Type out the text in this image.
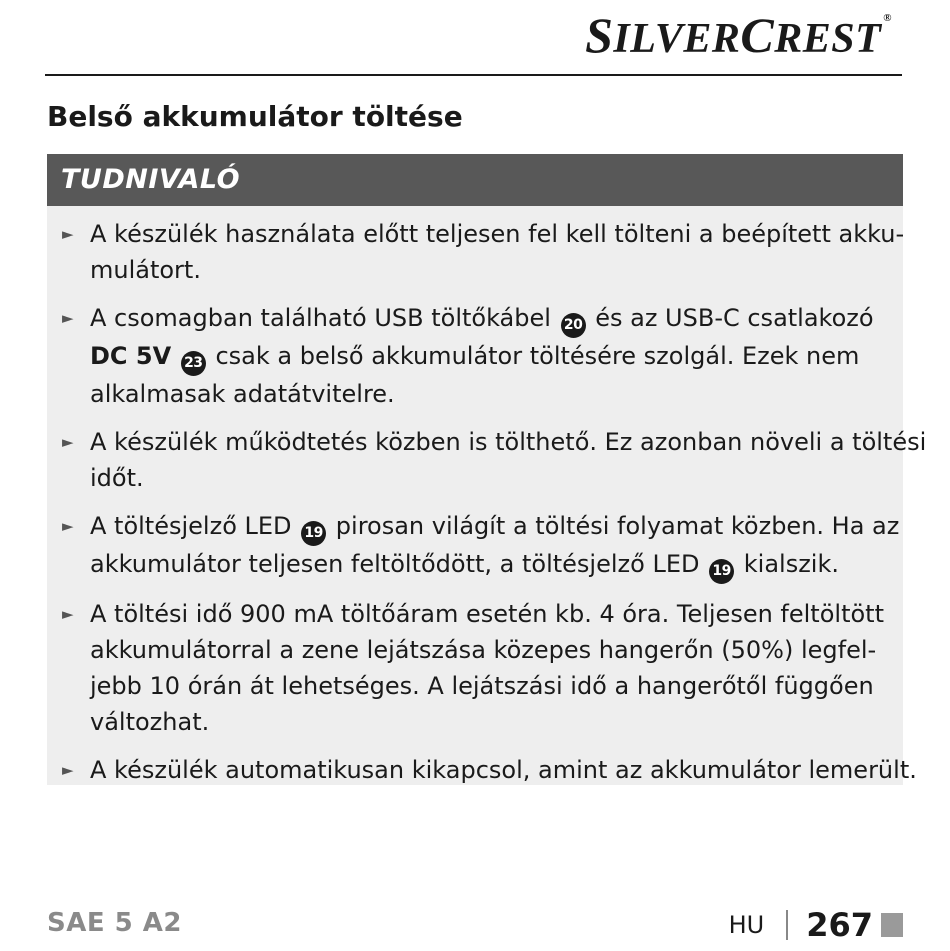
SILVERCREST ®
Belső akkumulátor töltése
TUDNIVALÓ
► A készülék használata előtt teljesen fel kell tölteni a beépített akku-
mulátort.
► A csomagban található USB töltőkábel 20 és az USB-C csatlakozó
DC 5V 23 csak a belső akkumulátor töltésére szolgál. Ezek nem
alkalmasak adatátvitelre.
► A készülék működtetés közben is tölthető. Ez azonban növeli a töltési
időt.
► A töltésjelző LED 19 pirosan világít a töltési folyamat közben. Ha az
akkumulátor teljesen feltöltődött, a töltésjelző LED 19 kialszik.
► A töltési idő 900 mA töltőáram esetén kb. 4 óra. Teljesen feltöltött
akkumulátorral a zene lejátszása közepes hangerőn (50%) legfel-
jebb 10 órán át lehetséges. A lejátszási idő a hangerőtől függően
változhat.
► A készülék automatikusan kikapcsol, amint az akkumulátor lemerült.
SAE 5 A2	HU 267
